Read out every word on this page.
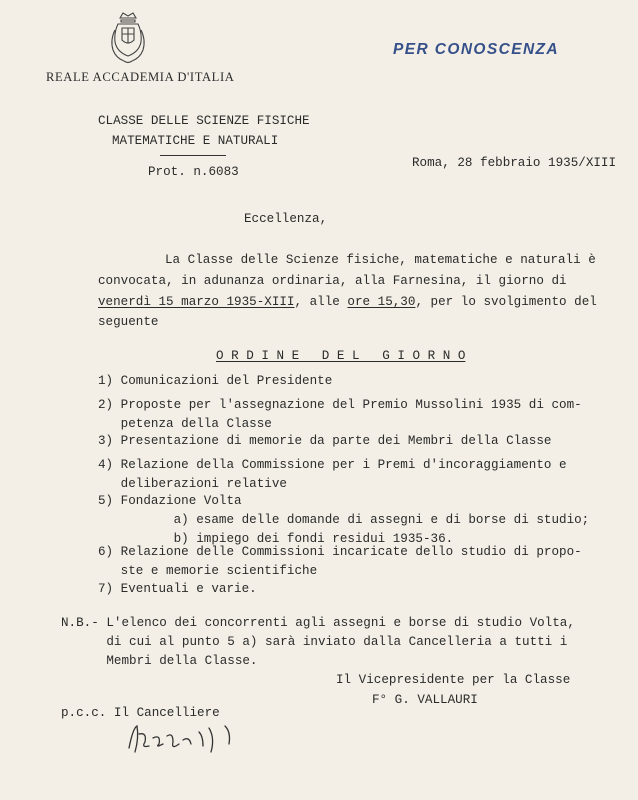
REALE ACCADEMIA D'ITALIA
PER CONOSCENZA
CLASSE DELLE SCIENZE FISICHE
MATEMATICHE E NATURALI
Prot. n.6083
Roma, 28 febbraio 1935/XIII
Eccellenza,
La Classe delle Scienze fisiche, matematiche e naturali è
convocata, in adunanza ordinaria, alla Farnesina, il giorno di
venerdì 15 marzo 1935-XIII, alle ore 15,30, per lo svolgimento del
seguente
O R D I N E   D E L   G I O R N O
1) Comunicazioni del Presidente
2) Proposte per l'assegnazione del Premio Mussolini 1935 di com-
petenza della Classe
3) Presentazione di memorie da parte dei Membri della Classe
4) Relazione della Commissione per i Premi d'incoraggiamento e
deliberazioni relative
5) Fondazione Volta
a) esame delle domande di assegni e di borse di studio;
b) impiego dei fondi residui 1935-36.
6) Relazione delle Commissioni incaricate dello studio di propo-
ste e memorie scientifiche
7) Eventuali e varie.
N.B.- L'elenco dei concorrenti agli assegni e borse di studio Volta,
di cui al punto 5 a) sarà inviato dalla Cancelleria a tutti i
Membri della Classe.
Il Vicepresidente per la Classe
F° G. VALLAURI
p.c.c. Il Cancelliere
